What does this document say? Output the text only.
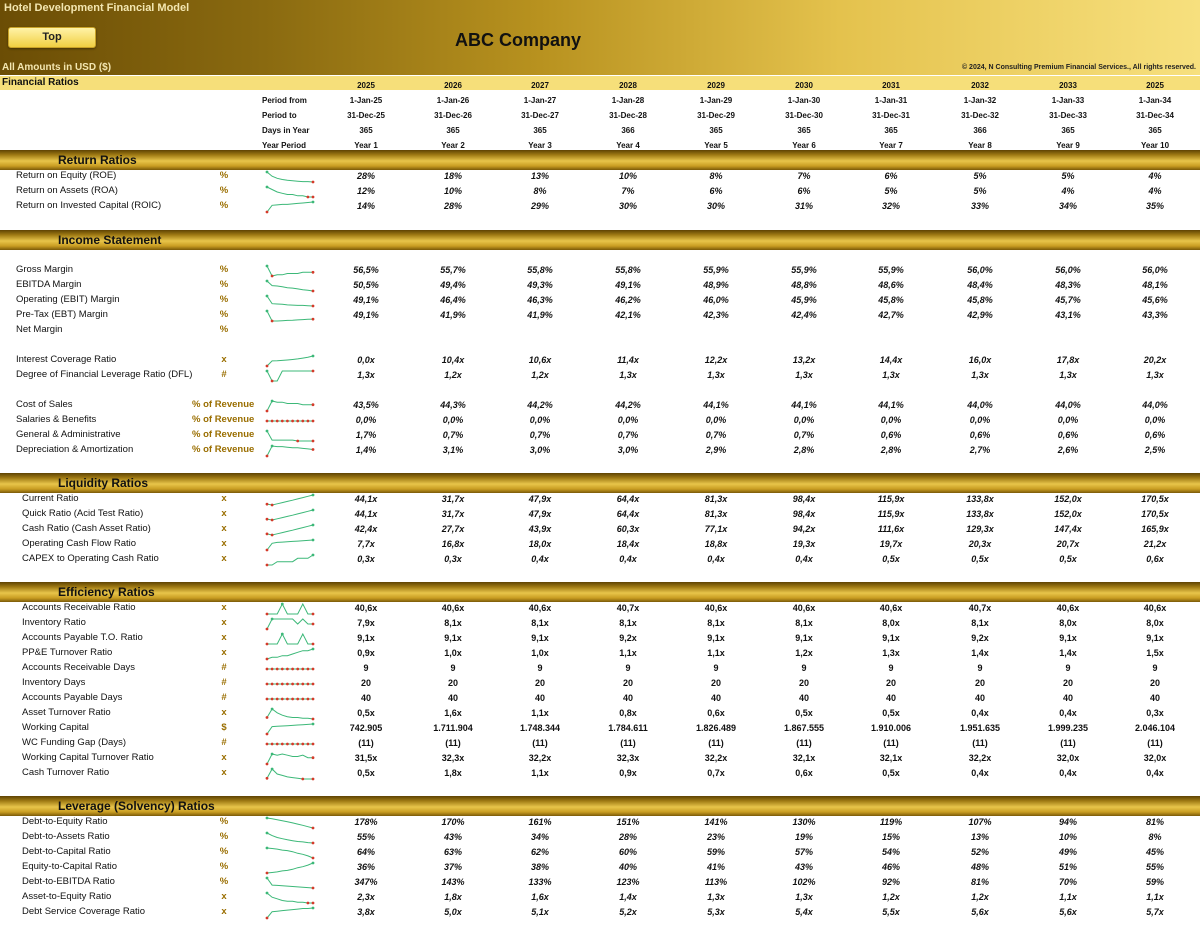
Hotel Development Financial Model
Top	ABC Company
All Amounts in USD ($)	© 2024, N Consulting Premium Financial Services., All rights reserved.
Financial Ratios	2025	2026	2027	2028	2029	2030	2031	2032	2033	2025
Period from	1-Jan-25	1-Jan-26	1-Jan-27	1-Jan-28	1-Jan-29	1-Jan-30	1-Jan-31	1-Jan-32	1-Jan-33	1-Jan-34
Period to	31-Dec-25	31-Dec-26	31-Dec-27	31-Dec-28	31-Dec-29	31-Dec-30	31-Dec-31	31-Dec-32	31-Dec-33	31-Dec-34
Days in Year	365	365	365	366	365	365	365	366	365	365
Year Period	Year 1	Year 2	Year 3	Year 4	Year 5	Year 6	Year 7	Year 8	Year 9	Year 10
Return Ratios
Return on Equity (ROE)	%	28%	18%	13%	10%	8%	7%	6%	5%	5%	4%
Return on Assets (ROA)	%	12%	10%	8%	7%	6%	6%	5%	5%	4%	4%
Return on Invested Capital (ROIC)	%	14%	28%	29%	30%	30%	31%	32%	33%	34%	35%
Income Statement
Gross Margin	%	56,5%	55,7%	55,8%	55,8%	55,9%	55,9%	55,9%	56,0%	56,0%	56,0%
EBITDA Margin	%	50,5%	49,4%	49,3%	49,1%	48,9%	48,8%	48,6%	48,4%	48,3%	48,1%
Operating (EBIT) Margin	%	49,1%	46,4%	46,3%	46,2%	46,0%	45,9%	45,8%	45,8%	45,7%	45,6%
Pre-Tax (EBT) Margin	%	49,1%	41,9%	41,9%	42,1%	42,3%	42,4%	42,7%	42,9%	43,1%	43,3%
Net Margin	%
Interest Coverage Ratio	x	0,0x	10,4x	10,6x	11,4x	12,2x	13,2x	14,4x	16,0x	17,8x	20,2x
Degree of Financial Leverage Ratio (DFL)	#	1,3x	1,2x	1,2x	1,3x	1,3x	1,3x	1,3x	1,3x	1,3x	1,3x
Cost of Sales	% of Revenue	43,5%	44,3%	44,2%	44,2%	44,1%	44,1%	44,1%	44,0%	44,0%	44,0%
Salaries & Benefits	% of Revenue	0,0%	0,0%	0,0%	0,0%	0,0%	0,0%	0,0%	0,0%	0,0%	0,0%
General & Administrative	% of Revenue	1,7%	0,7%	0,7%	0,7%	0,7%	0,7%	0,6%	0,6%	0,6%	0,6%
Depreciation & Amortization	% of Revenue	1,4%	3,1%	3,0%	3,0%	2,9%	2,8%	2,8%	2,7%	2,6%	2,5%
Liquidity Ratios
Current Ratio	x	44,1x	31,7x	47,9x	64,4x	81,3x	98,4x	115,9x	133,8x	152,0x	170,5x
Quick Ratio (Acid Test Ratio)	x	44,1x	31,7x	47,9x	64,4x	81,3x	98,4x	115,9x	133,8x	152,0x	170,5x
Cash Ratio (Cash Asset Ratio)	x	42,4x	27,7x	43,9x	60,3x	77,1x	94,2x	111,6x	129,3x	147,4x	165,9x
Operating Cash Flow Ratio	x	7,7x	16,8x	18,0x	18,4x	18,8x	19,3x	19,7x	20,3x	20,7x	21,2x
CAPEX to Operating Cash Ratio	x	0,3x	0,3x	0,4x	0,4x	0,4x	0,4x	0,5x	0,5x	0,5x	0,6x
Efficiency Ratios
Accounts Receivable Ratio	x	40,6x	40,6x	40,6x	40,7x	40,6x	40,6x	40,6x	40,7x	40,6x	40,6x
Inventory Ratio	x	7,9x	8,1x	8,1x	8,1x	8,1x	8,1x	8,0x	8,1x	8,0x	8,0x
Accounts Payable T.O. Ratio	x	9,1x	9,1x	9,1x	9,2x	9,1x	9,1x	9,1x	9,2x	9,1x	9,1x
PP&E Turnover Ratio	x	0,9x	1,0x	1,0x	1,1x	1,1x	1,2x	1,3x	1,4x	1,4x	1,5x
Accounts Receivable Days	#	9	9	9	9	9	9	9	9	9	9
Inventory Days	#	20	20	20	20	20	20	20	20	20	20
Accounts Payable Days	#	40	40	40	40	40	40	40	40	40	40
Asset Turnover Ratio	x	0,5x	1,6x	1,1x	0,8x	0,6x	0,5x	0,5x	0,4x	0,4x	0,3x
Working Capital	$	742.905	1.711.904	1.748.344	1.784.611	1.826.489	1.867.555	1.910.006	1.951.635	1.999.235	2.046.104
WC Funding Gap (Days)	#	(11)	(11)	(11)	(11)	(11)	(11)	(11)	(11)	(11)	(11)
Working Capital Turnover Ratio	x	31,5x	32,3x	32,2x	32,3x	32,2x	32,1x	32,1x	32,2x	32,0x	32,0x
Cash Turnover Ratio	x	0,5x	1,8x	1,1x	0,9x	0,7x	0,6x	0,5x	0,4x	0,4x	0,4x
Leverage (Solvency) Ratios
Debt-to-Equity Ratio	%	178%	170%	161%	151%	141%	130%	119%	107%	94%	81%
Debt-to-Assets Ratio	%	55%	43%	34%	28%	23%	19%	15%	13%	10%	8%
Debt-to-Capital Ratio	%	64%	63%	62%	60%	59%	57%	54%	52%	49%	45%
Equity-to-Capital Ratio	%	36%	37%	38%	40%	41%	43%	46%	48%	51%	55%
Debt-to-EBITDA Ratio	%	347%	143%	133%	123%	113%	102%	92%	81%	70%	59%
Asset-to-Equity Ratio	x	2,3x	1,8x	1,6x	1,4x	1,3x	1,3x	1,2x	1,2x	1,1x	1,1x
Debt Service Coverage Ratio	x	3,8x	5,0x	5,1x	5,2x	5,3x	5,4x	5,5x	5,6x	5,6x	5,7x
